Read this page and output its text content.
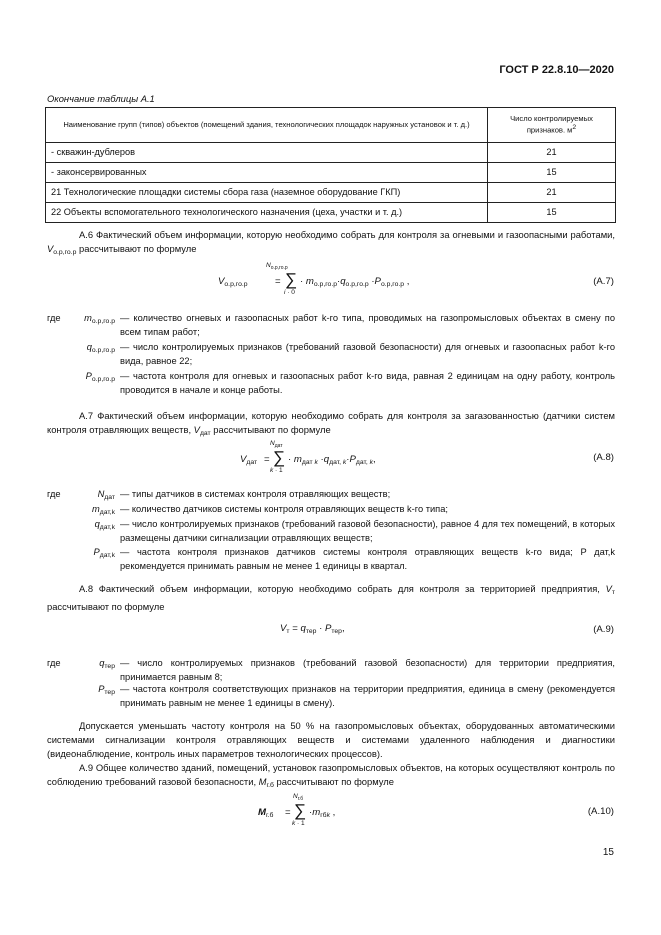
ГОСТ Р 22.8.10—2020
Окончание таблицы А.1
Наименование групп (типов) объектов (помещений здания, технологических площадок наружных установок и т. д.)	Число контролируемых признаков. $м^2$
- скважин-дублеров	21
- законсервированных	15
21 Технологические площадки системы сбора газа (наземное оборудование ГКП)	21
22 Объекты вспомогательного технологического назначения (цеха, участки и т. д.)	15
А.6 Фактический объем информации, которую необходимо собрать для контроля за огневыми и газоопасными работами, $V_{о.р,го.р}$ рассчитывают по формуле
$V_{о.р,го.р}$	=
$N_{о.р,го.р}$
∑
i · 0
· $m_{о.р,го.р}\cdot q_{о.р,го.р} \cdot P_{о.р,го.р}$ ,	(А.7)
где	$m_{о.р,го.р}$ — количество огневых и газоопасных работ k-го типа, проводимых на газопромысловых объектах в смену по всем типам работ;
$q_{о.р,го.р}$ — число контролируемых признаков (требований газовой безопасности) для огневых и газоопасных работ k-го вида, равное 22;
$P_{о.р,го.р}$ — частота контроля для огневых и газоопасных работ k-го вида, равная 2 единицам на одну работу, контроль проводится в начале и конце работы.
А.7 Фактический объем информации, которую необходимо собрать для контроля за загазованностью (датчики систем контроля отравляющих веществ, $V_{дат}$ рассчитывают по формуле
$V_{дат}$ =
$N_{дат}$
∑
k · 1
· $m_{дат k} \cdot q_{дат, k}\cdot P_{дат, k}$,	(А.8)
где	$N_{дат}$ — типы датчиков в системах контроля отравляющих веществ;
$m_{дат,k}$ — количество датчиков системы контроля отравляющих веществ k-го типа;
$q_{дат,k}$ — число контролируемых признаков (требований газовой безопасности), равное 4 для тех помещений, в которых размещены датчики сигнализации отравляющих веществ;
$P_{дат,k}$ — частота контроля признаков датчиков системы контроля отравляющих веществ k-го вида; P дат,k рекомендуется принимать равным не менее 1 единицы в квартал.
А.8 Фактический объем информации, которую необходимо собрать для контроля за территорией предприятия, $V_т$ рассчитывают по формуле
$V_т = q_{тер} \cdot P_{тер}$,	(А.9)
где	$q_{тер}$ — число контролируемых признаков (требований газовой безопасности) для территории предприятия, принимается равным 8;
$P_{тер}$ — частота контроля соответствующих признаков на территории предприятия, единица в смену (рекомендуется принимать равным не менее 1 единицы в смену).
Допускается уменьшать частоту контроля на 50 % на газопромысловых объектах, оборудованных автоматическими системами сигнализации контроля отравляющих веществ и системами удаленного наблюдения и диагностики (видеонаблюдение, контроль иных параметров технологических процессов).
А.9 Общее количество зданий, помещений, установок газопромысловых объектов, на которых осуществляют контроль по соблюдению требований газовой безопасности, $M_{г.б}$ рассчитывают по формуле
$M_{г.б}$ =
$N_{г.б}$
∑
k · 1
$\cdot m_{гбk}$ ,	(А.10)
15
